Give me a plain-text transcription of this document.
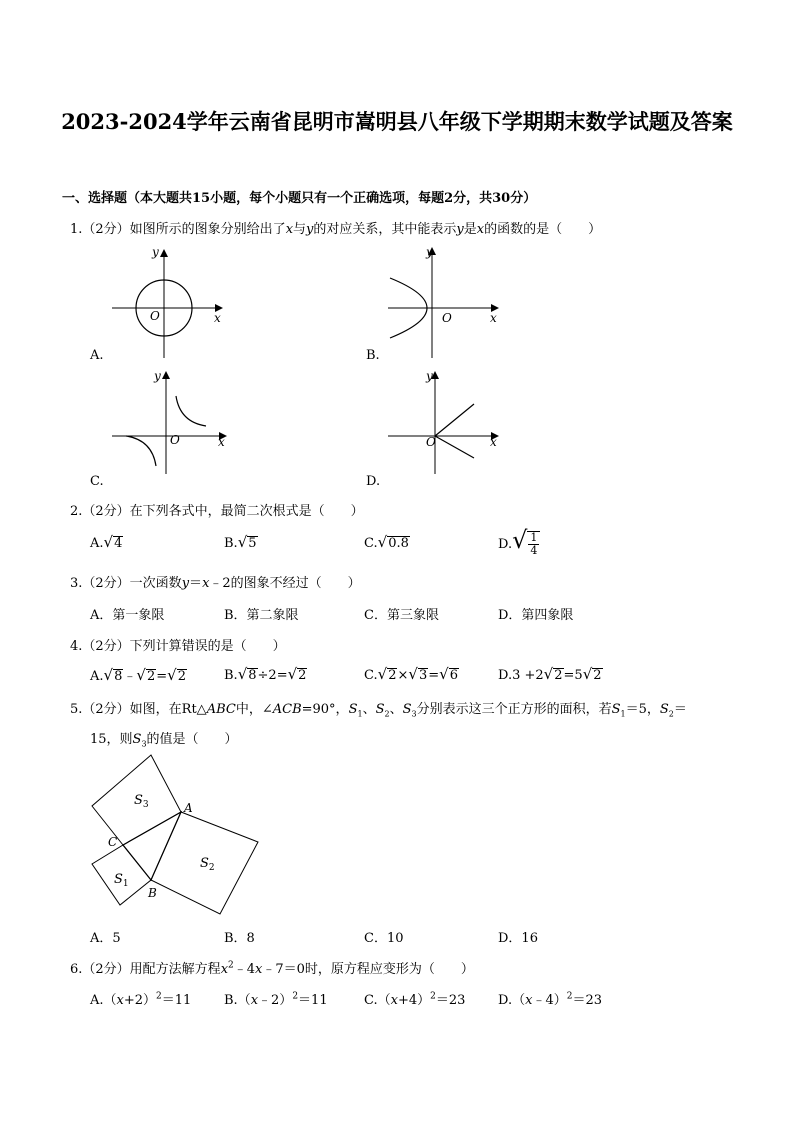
2023-2024学年云南省昆明市嵩明县八年级下学期期末数学试题及答案
一、选择题（本大题共15小题，每个小题只有一个正确选项，每题2分，共30分）
1.（2分）如图所示的图象分别给出了x与y的对应关系，其中能表示y是x的函数的是（　　）
O	x
y
A.
O	x
y
B.
O	x
y
C.
O	x
y
D.
2.（2分）在下列各式中，最简二次根式是（　　）
A.√4	B.√5	C.√0.8	$D.√ \frac{1}{4}$
3.（2分）一次函数y＝x﹣2的图象不经过（　　）
A．第一象限	B．第二象限	C．第三象限	D．第四象限
4.（2分）下列计算错误的是（　　）
A.√8﹣√2=√2	B.√8÷2=√2	C.√2×√3=√6	D.3 +2√2=5√2
5.（2分）如图，在Rt△ABC中，∠ACB=90°，$S_1$、$S_2$、$S_3$分别表示这三个正方形的面积，若$S_1=5$，$S_2=$
15，则$S_3$的值是（　　）
A
B
C
$S_3$
$S_1$
$S_2$
A．5	B．8	C．10	D．16
6.（2分）用配方法解方程$x^2﹣4x﹣7=0$时，原方程应变形为（　　）
$A.(x+2)^2=11$	B.（x﹣2）$^2$＝11	$C.(x+4)^2=23$	D.（x﹣4）$^2$＝23
